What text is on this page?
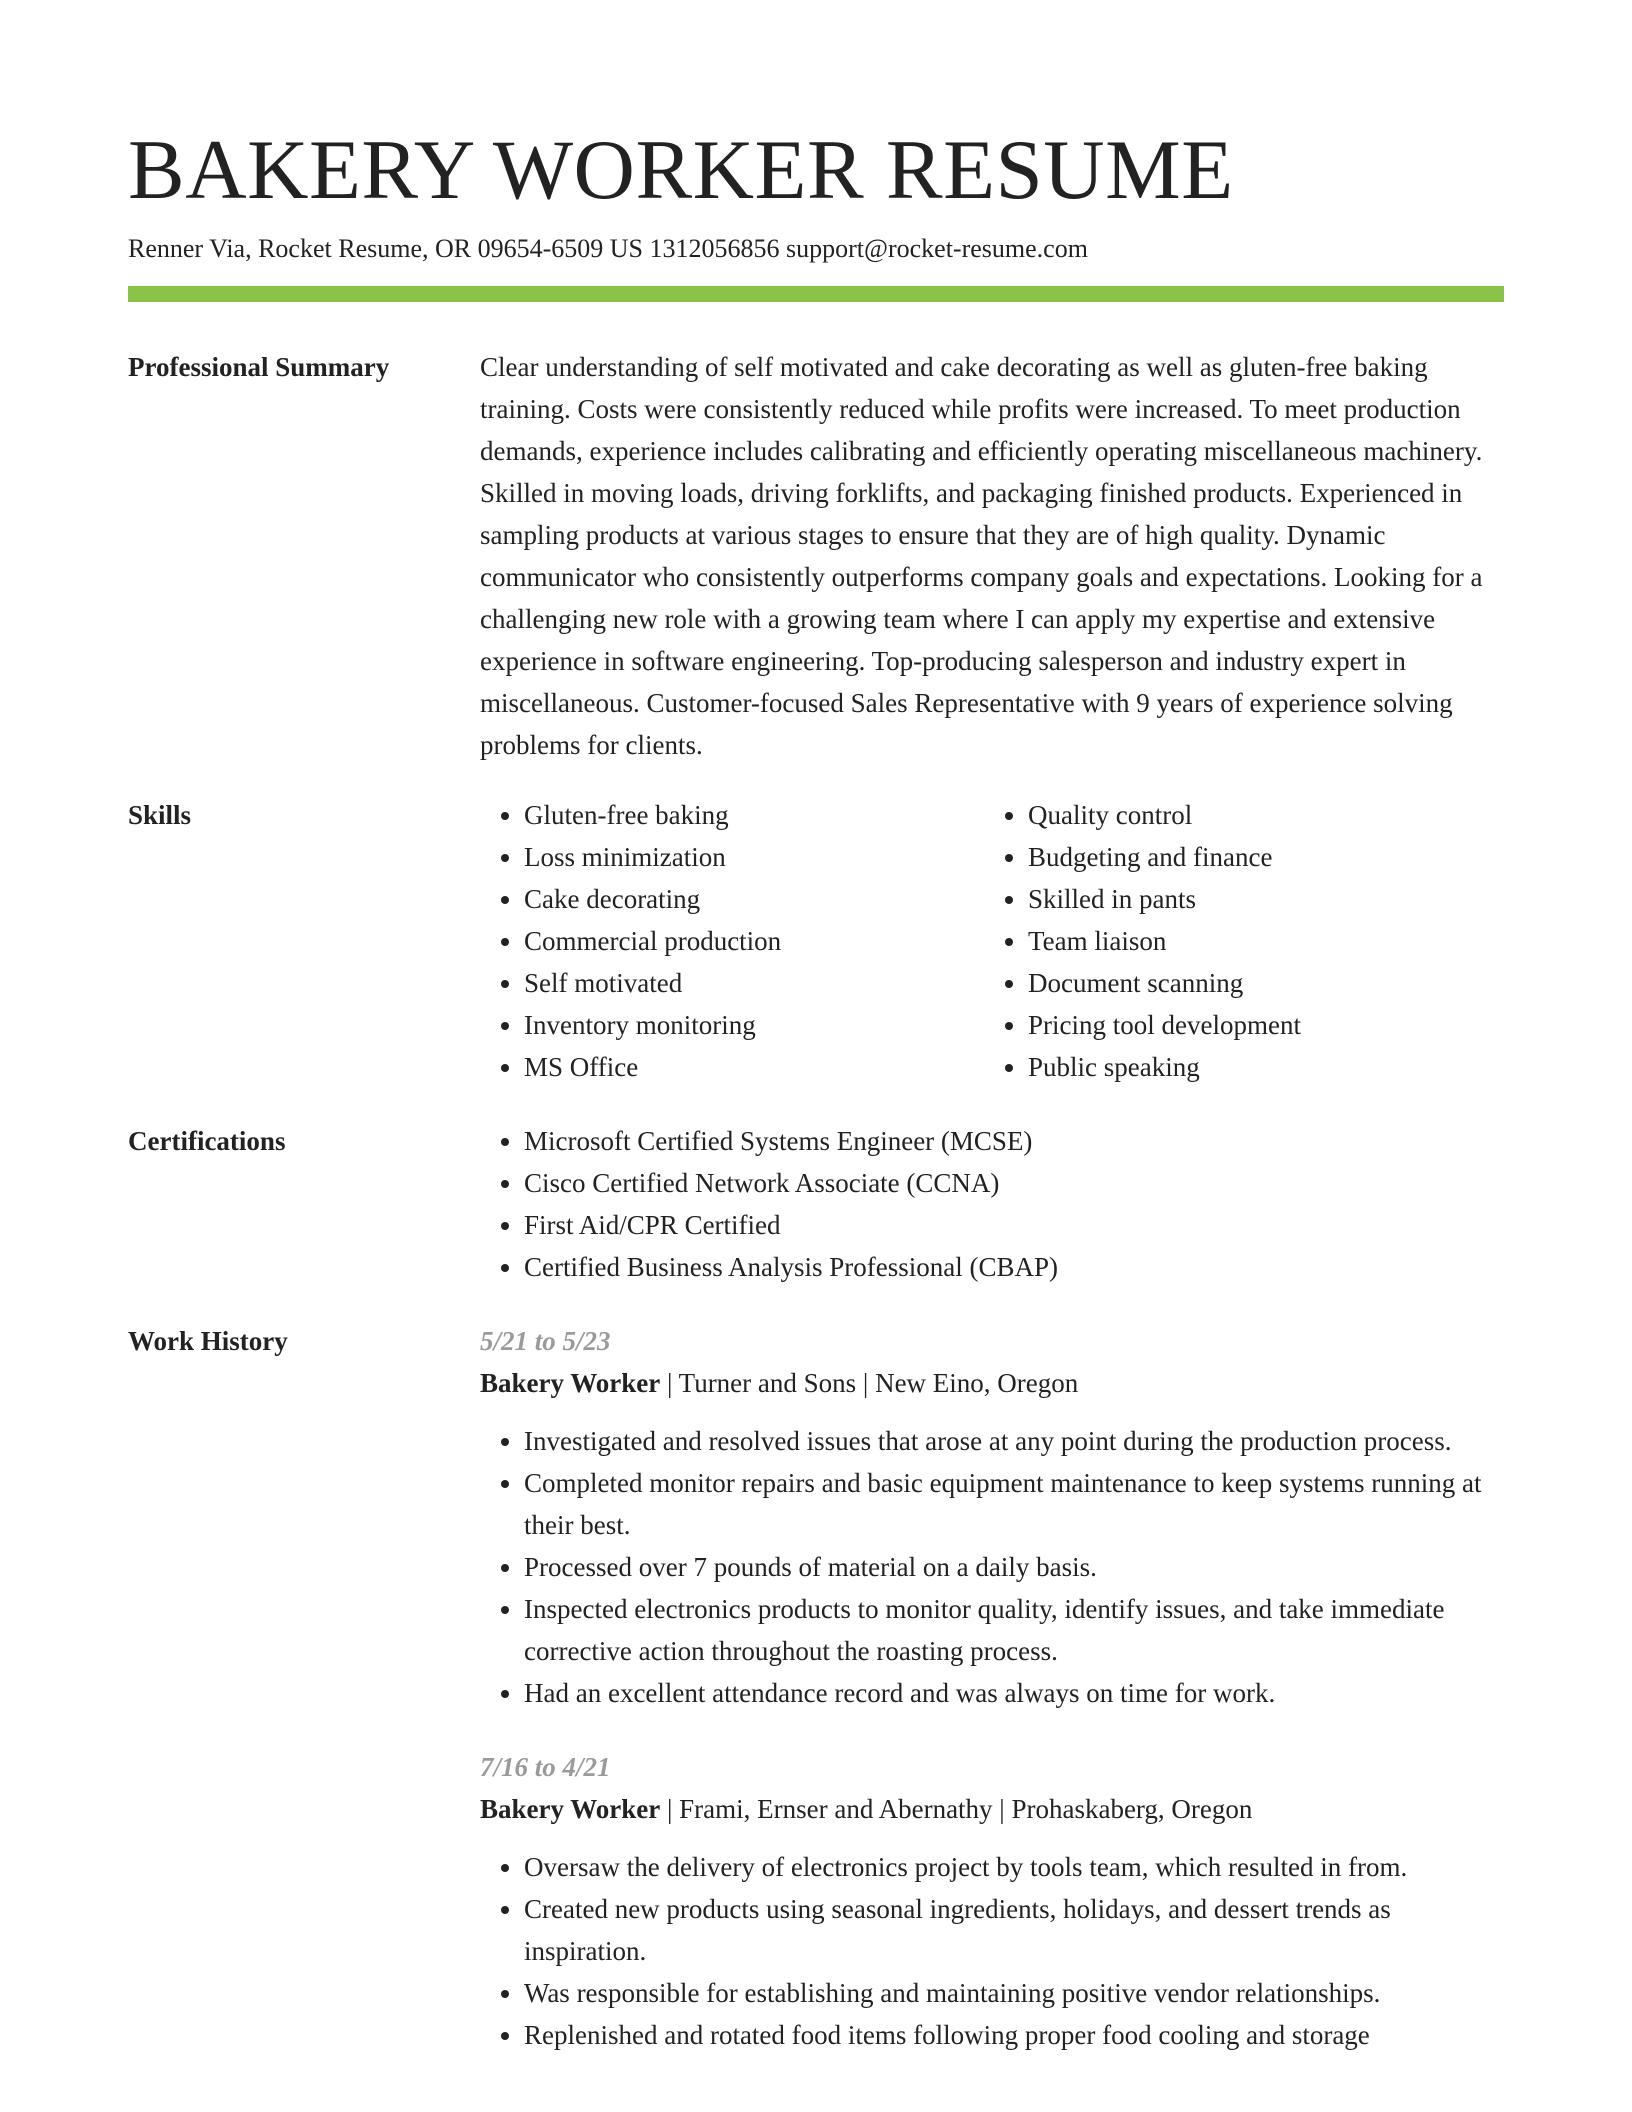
BAKERY WORKER RESUME
Renner Via, Rocket Resume, OR 09654-6509 US 1312056856 support@rocket-resume.com
Professional Summary	Clear understanding of self motivated and cake decorating as well as gluten-free baking training. Costs were consistently reduced while profits were increased. To meet production demands, experience includes calibrating and efficiently operating miscellaneous machinery. Skilled in moving loads, driving forklifts, and packaging finished products. Experienced in sampling products at various stages to ensure that they are of high quality. Dynamic communicator who consistently outperforms company goals and expectations. Looking for a challenging new role with a growing team where I can apply my expertise and extensive experience in software engineering. Top-producing salesperson and industry expert in miscellaneous. Customer-focused Sales Representative with 9 years of experience solving problems for clients.

Skills	• Gluten-free baking
• Loss minimization
• Cake decorating
• Commercial production
• Self motivated
• Inventory monitoring
• MS Office
• Quality control
• Budgeting and finance
• Skilled in pants
• Team liaison
• Document scanning
• Pricing tool development
• Public speaking
Certifications	• Microsoft Certified Systems Engineer (MCSE)
• Cisco Certified Network Associate (CCNA)
• First Aid/CPR Certified
• Certified Business Analysis Professional (CBAP)
Work History	5/21 to 5/23
Bakery Worker | Turner and Sons | New Eino, Oregon
• Investigated and resolved issues that arose at any point during the production process.
• Completed monitor repairs and basic equipment maintenance to keep systems running at their best.
• Processed over 7 pounds of material on a daily basis.
• Inspected electronics products to monitor quality, identify issues, and take immediate corrective action throughout the roasting process.
• Had an excellent attendance record and was always on time for work.
7/16 to 4/21
Bakery Worker | Frami, Ernser and Abernathy | Prohaskaberg, Oregon
• Oversaw the delivery of electronics project by tools team, which resulted in from.
• Created new products using seasonal ingredients, holidays, and dessert trends as inspiration.
• Was responsible for establishing and maintaining positive vendor relationships.
• Replenished and rotated food items following proper food cooling and storage
